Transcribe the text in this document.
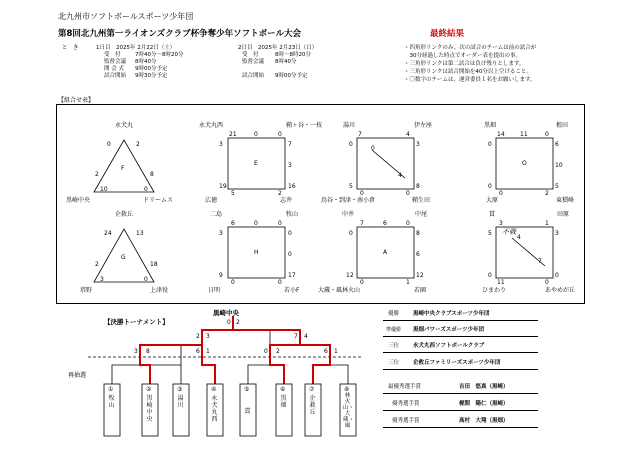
北九州市ソフトボールスポーツ少年団
第8回北九州第一ライオンズクラブ杯争奪少年ソフトボール大会	最終結果
と　き	1日目　2025年 2月22日（土）
受　付	7時40分～8時20分
監督会議 8時40分
開 会 式 9時00分予定
試合開始 9時30分予定
2日目　2025年 2月23日（日）
受　付	8時～8時20分
監督会議 8時40分
試合開始 9時00分予定
・四角形リンクのみ、次の試合のチームは前の試合が
　30分経過した時点でオーダー表を提出の事。
・三角形リンクは第二試合は負け残りとします。
・三角形リンクは試合開始を40分以上空けること。
・〇数字のチームは、運営委員１名をお願いします。
【組合せ表】
永犬丸
黒崎中央	ドリームス
F
0	2
10	0
2	8
永犬丸西	鞘ヶ谷・一枝
広徳	志井
E
21	0
3	7
19
5	2
16
0
3
湯川	伊左座
鳥谷・到津・南小倉	鞘生田
7	4
0	3
5
0	0
8
0
4
黒畑	根田
大原	東積峰
O
14	0
0	6
0
0	2
5
11
10
企救丘
塔野	上津役
G
24	13
3	0
2	18
二島	牧山
日明	若小F
H
6	0
3	0
9
0	0
17
0
0
中井	中尾
大蔵・風林火山	若園
A
7	0
0	8
12
0	1
12
6
6
貫	田原
ひまわり	あやめが丘
不戦
3	1
5	3
0
11	0
0
4
7
【決勝トーナメント】
黒崎中央
再抽選
3 8	6 1	0 2	6 1
2 3	7 4
0 2
①
牧山
②
黒崎中央
③
湯川
④
永犬丸西
⑤
貫
⑥
黒畑
⑦
企救丘
⑧
林火山・大蔵・風
優勝	黒崎中央クラブスポーツ少年団
準優勝 黒畑パワーズスポーツ少年団
三位	永犬丸西ソフトボールクラブ
三位	企救丘ファミリーズスポーツ少年団
最優秀選手賞	吉田　悠真（黒崎）
優秀選手賞	梶間　陽仁（黒崎）
優秀選手賞	高村　大翔（黒畑）
